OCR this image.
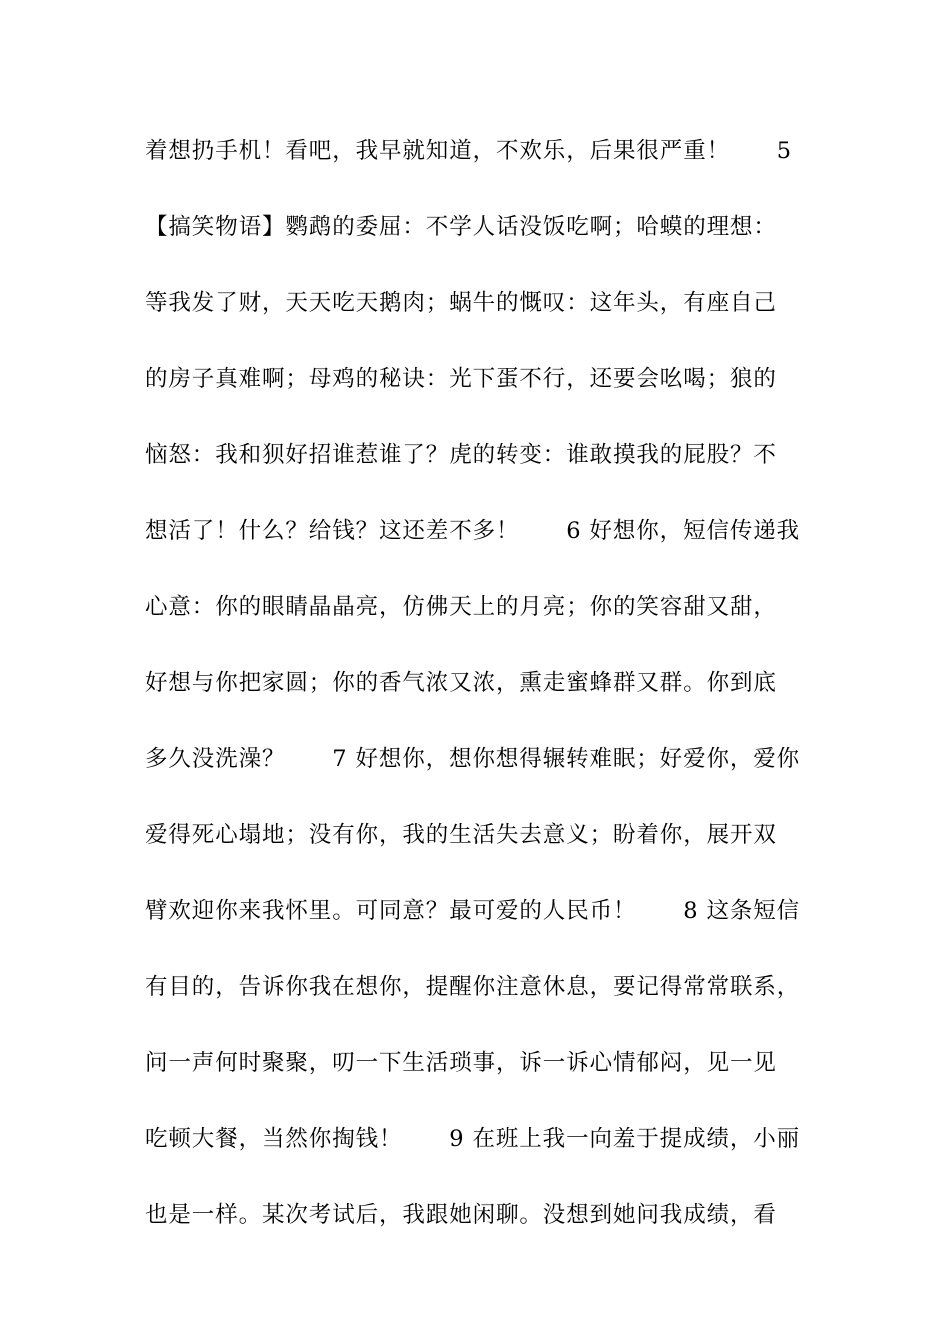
着想扔手机！看吧，我早就知道，不欢乐，后果很严重！　　5
【搞笑物语】鹦鹉的委屈：不学人话没饭吃啊；哈蟆的理想：
等我发了财，天天吃天鹅肉；蜗牛的慨叹：这年头，有座自己
的房子真难啊；母鸡的秘诀：光下蛋不行，还要会吆喝；狼的
恼怒：我和狈好招谁惹谁了？虎的转变：谁敢摸我的屁股？不
想活了！什么？给钱？这还差不多！　　6 好想你，短信传递我
心意：你的眼睛晶晶亮，仿佛天上的月亮；你的笑容甜又甜，
好想与你把家圆；你的香气浓又浓，熏走蜜蜂群又群。你到底
多久没洗澡？　　7 好想你，想你想得辗转难眠；好爱你，爱你
爱得死心塌地；没有你，我的生活失去意义；盼着你，展开双
臂欢迎你来我怀里。可同意？最可爱的人民币！　　8 这条短信
有目的，告诉你我在想你，提醒你注意休息，要记得常常联系，
问一声何时聚聚，叨一下生活琐事，诉一诉心情郁闷，见一见
吃顿大餐，当然你掏钱！　　9 在班上我一向羞于提成绩，小丽
也是一样。某次考试后，我跟她闲聊。没想到她问我成绩，看
